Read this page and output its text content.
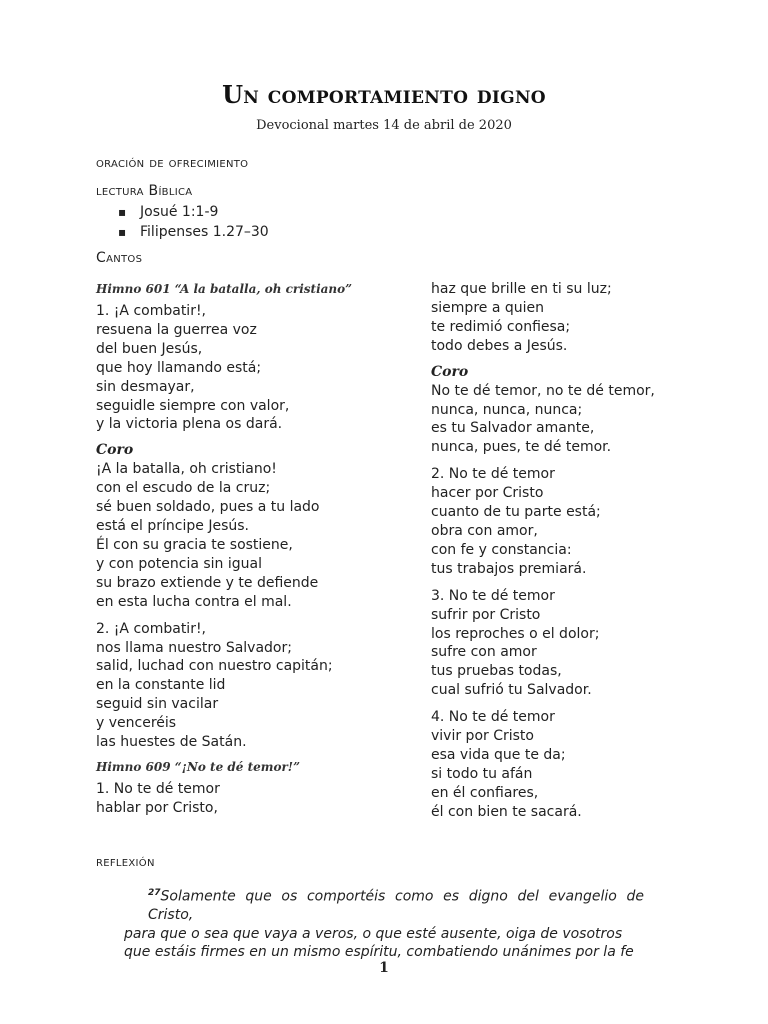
Un comportamiento digno
Devocional martes 14 de abril de 2020
oración de ofrecimiento
lectura Bíblica
▪ Josué 1:1-9
▪ Filipenses 1.27–30
Cantos
Himno 601 “A la batalla, oh cristiano”
1. ¡A combatir!,
resuena la guerrea voz
del buen Jesús,
que hoy llamando está;
sin desmayar,
seguidle siempre con valor,
y la victoria plena os dará.
Coro
¡A la batalla, oh cristiano!
con el escudo de la cruz;
sé buen soldado, pues a tu lado
está el príncipe Jesús.
Él con su gracia te sostiene,
y con potencia sin igual
su brazo extiende y te defiende
en esta lucha contra el mal.
2. ¡A combatir!,
nos llama nuestro Salvador;
salid, luchad con nuestro capitán;
en la constante lid
seguid sin vacilar
y venceréis
las huestes de Satán.
Himno 609 “¡No te dé temor!”
1. No te dé temor
hablar por Cristo,
haz que brille en ti su luz;
siempre a quien
te redimió confiesa;
todo debes a Jesús.
Coro
No te dé temor, no te dé temor,
nunca, nunca, nunca;
es tu Salvador amante,
nunca, pues, te dé temor.
2. No te dé temor
hacer por Cristo
cuanto de tu parte está;
obra con amor,
con fe y constancia:
tus trabajos premiará.
3. No te dé temor
sufrir por Cristo
los reproches o el dolor;
sufre con amor
tus pruebas todas,
cual sufrió tu Salvador.
4. No te dé temor
vivir por Cristo
esa vida que te da;
si todo tu afán
en él confiares,
él con bien te sacará.
reflexión
$^{27}$Solamente que os comportéis como es digno del evangelio de Cristo,
para que o sea que vaya a veros, o que esté ausente, oiga de vosotros
que estáis firmes en un mismo espíritu, combatiendo unánimes por la fe
1
